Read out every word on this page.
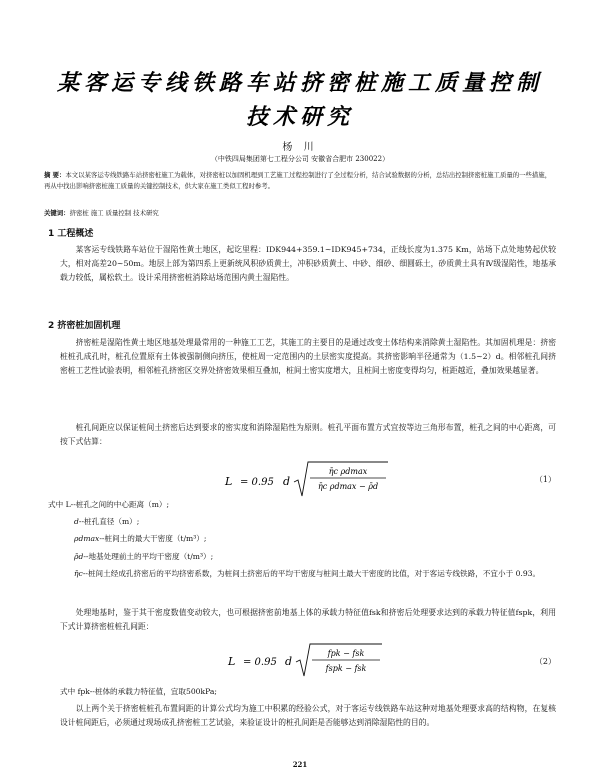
某客运专线铁路车站挤密桩施工质量控制
技术研究
杨 川
（中铁四局集团第七工程分公司 安徽省合肥市 230022）
摘 要：本文以某客运专线铁路车站挤密桩施工为载体，对挤密桩以加固机理到工艺施工过程控制进行了全过程分析，结合试验数据的分析，总结出控制挤密桩施工质量的一些措施，再从中找出影响挤密桩施工质量的关键控制技术，供大家在施工类似工程时参考。
关键词：挤密桩 施工 质量控制 技术研究
1 工程概述
某客运专线铁路车站位于湿陷性黄土地区，起讫里程：IDK944+359.1~IDK945+734，正线长度为1.375 Km，站场下点处地势起伏较大，相对高差20~50m。地层上部为第四系上更新统风积砂质黄土，冲积砂质黄土、中砂、细砂、细圆砾土，砂质黄土具有Ⅳ级湿陷性，地基承载力较低，属松软土。设计采用挤密桩消除站场范围内黄土湿陷性。
2 挤密桩加固机理
挤密桩是湿陷性黄土地区地基处理最常用的一种施工工艺，其施工的主要目的是通过改变土体结构来消除黄土湿陷性。其加固机理是：挤密桩桩孔成孔时，桩孔位置原有土体被强制侧向挤压，使桩周一定范围内的土层密实度提高。其挤密影响半径通常为（1.5~2）d。相邻桩孔间挤密桩工艺性试验表明，相邻桩孔挤密区交界处挤密效果相互叠加，桩间土密实度增大，且桩间土密度变得均匀，桩距越近，叠加效果越显著。
桩孔间距应以保证桩间土挤密后达到要求的密实度和消除湿陷性为原则。桩孔平面布置方式宜按等边三角形布置，桩孔之间的中心距离，可按下式估算：
L = 0.95 d
η̄c ρdmax
η̄c ρdmax − ρ̄d
（1）
式中 L--桩孔之间的中心距离（m）;
d--桩孔直径（m）;
ρdmax--桩间土的最大干密度（t/m³）;
ρ̄d--地基处理前土的平均干密度（t/m³）;
η̄c--桩间土经成孔挤密后的平均挤密系数，为桩间土挤密后的平均干密度与桩间土最大干密度的比值，对于客运专线铁路，不宜小于 0.93。
处理地基时，鉴于其干密度数值变动较大，也可根据挤密前地基上体的承载力特征值fsk和挤密后处理要求达到的承载力特征值fspk，利用下式计算挤密桩桩孔间距：
L = 0.95 d
fpk − fsk
fspk − fsk
（2）
式中 fpk--桩体的承载力特征值，宜取500kPa;
以上两个关于挤密桩桩孔布置间距的计算公式均为施工中积累的经验公式，对于客运专线铁路车站这种对地基处理要求高的结构物，在复核设计桩间距后，必须通过现场成孔挤密桩工艺试验，来验证设计的桩孔间距是否能够达到消除湿陷性的目的。
221
